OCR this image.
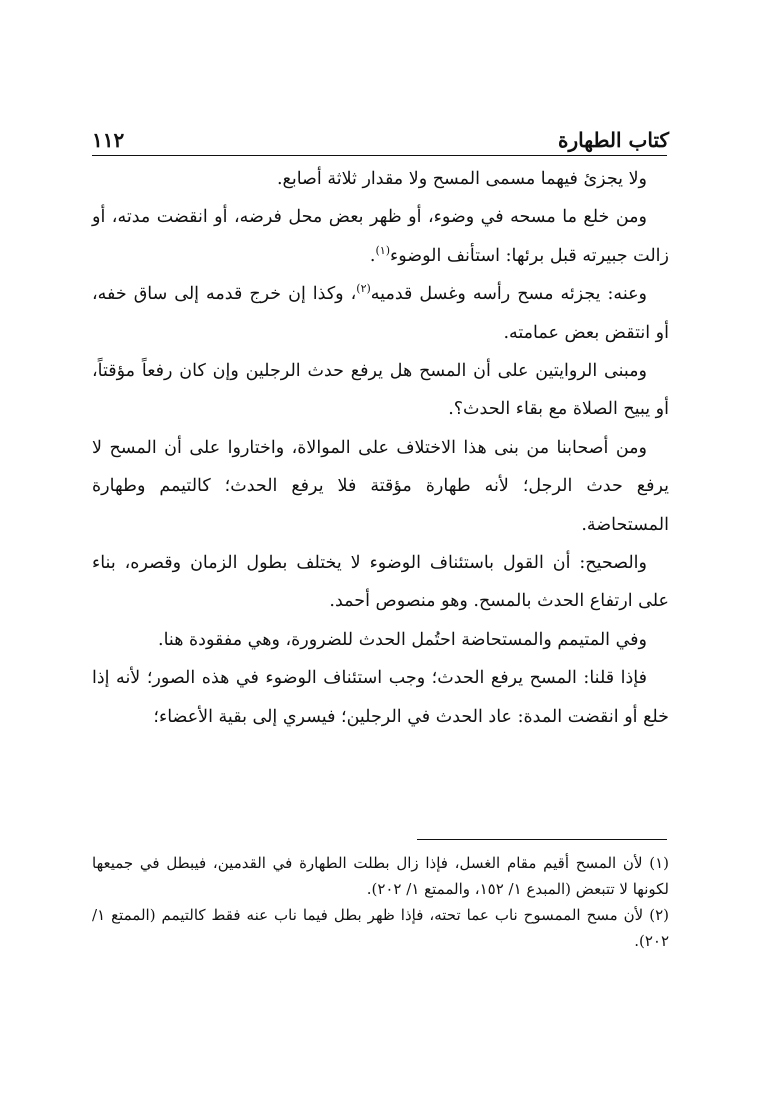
كتاب الطهارة
١١٢

ولا يجزئ فيهما مسمى المسح ولا مقدار ثلاثة أصابع.

ومن خلع ما مسحه في وضوء، أو ظهر بعض محل فرضه، أو انقضت مدته، أو زالت جبيرته قبل برئها: استأنف الوضوء$^{(١)}$.

وعنه: يجزئه مسح رأسه وغسل قدميه$^{(٢)}$، وكذا إن خرج قدمه إلى ساق خفه، أو انتقض بعض عمامته.

ومبنى الروايتين على أن المسح هل يرفع حدث الرجلين وإن كان رفعاً مؤقتاً، أو يبيح الصلاة مع بقاء الحدث؟.

ومن أصحابنا من بنى هذا الاختلاف على الموالاة، واختاروا على أن المسح لا يرفع حدث الرجل؛ لأنه طهارة مؤقتة فلا يرفع الحدث؛ كالتيمم وطهارة المستحاضة.

والصحيح: أن القول باستئناف الوضوء لا يختلف بطول الزمان وقصره، بناء على ارتفاع الحدث بالمسح. وهو منصوص أحمد.

وفي المتيمم والمستحاضة احتُمل الحدث للضرورة، وهي مفقودة هنا.

فإذا قلنا: المسح يرفع الحدث؛ وجب استئناف الوضوء في هذه الصور؛ لأنه إذا خلع أو انقضت المدة: عاد الحدث في الرجلين؛ فيسري إلى بقية الأعضاء؛

(١) لأن المسح أقيم مقام الغسل، فإذا زال بطلت الطهارة في القدمين، فيبطل في جميعها لكونها لا تتبعض (المبدع ١/ ١٥٢، والممتع ١/ ٢٠٢).

(٢) لأن مسح الممسوح ناب عما تحته، فإذا ظهر بطل فيما ناب عنه فقط كالتيمم (الممتع ١/ ٢٠٢).
